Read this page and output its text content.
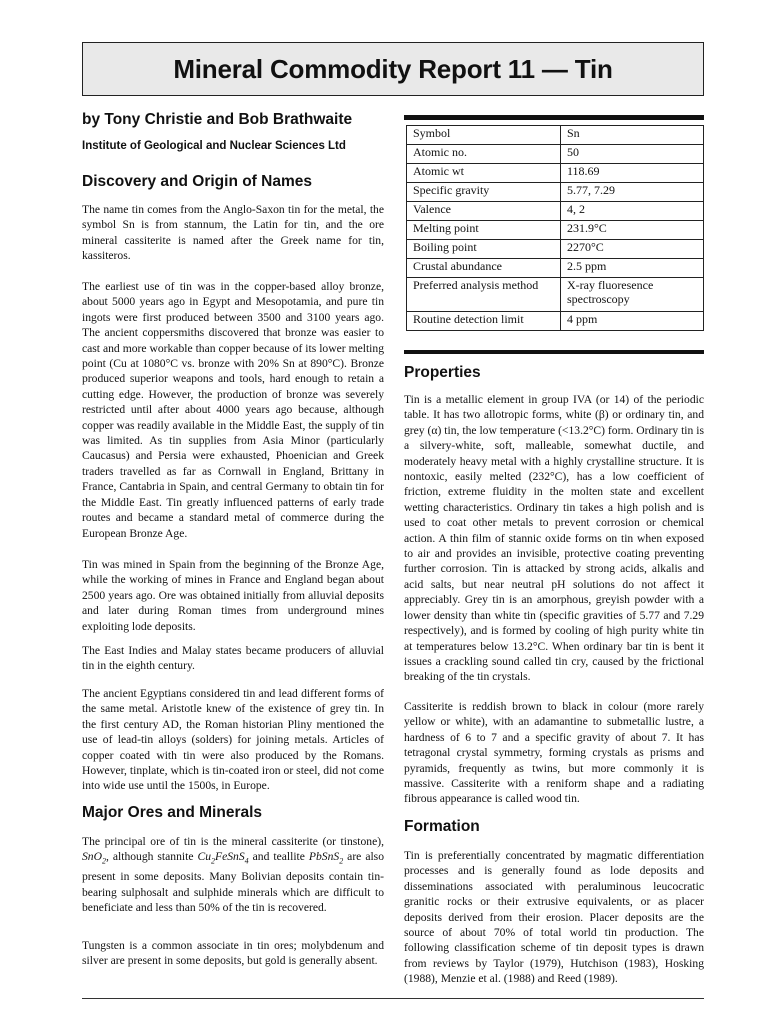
Mineral Commodity Report 11 — Tin
by Tony Christie and Bob Brathwaite
Institute of Geological and Nuclear Sciences Ltd
Discovery and Origin of Names

The name tin comes from the Anglo-Saxon tin for the metal, the symbol Sn is from stannum, the Latin for tin, and the ore mineral cassiterite is named after the Greek name for tin, kassiteros.

The earliest use of tin was in the copper-based alloy bronze, about 5000 years ago in Egypt and Mesopotamia, and pure tin ingots were first produced between 3500 and 3100 years ago. The ancient coppersmiths discovered that bronze was easier to cast and more workable than copper because of its lower melting point (Cu at 1080°C vs. bronze with 20% Sn at 890°C). Bronze produced superior weapons and tools, hard enough to retain a cutting edge. However, the production of bronze was severely restricted until after about 4000 years ago because, although copper was readily available in the Middle East, the supply of tin was limited. As tin supplies from Asia Minor (particularly Caucasus) and Persia were exhausted, Phoenician and Greek traders travelled as far as Cornwall in England, Brittany in France, Cantabria in Spain, and central Germany to obtain tin for the Middle East. Tin greatly influenced patterns of early trade routes and became a standard metal of commerce during the European Bronze Age.

Tin was mined in Spain from the beginning of the Bronze Age, while the working of mines in France and England began about 2500 years ago. Ore was obtained initially from alluvial deposits and later during Roman times from underground mines exploiting lode deposits.

The East Indies and Malay states became producers of alluvial tin in the eighth century.

The ancient Egyptians considered tin and lead different forms of the same metal. Aristotle knew of the existence of grey tin. In the first century AD, the Roman historian Pliny mentioned the use of lead-tin alloys (solders) for joining metals. Articles of copper coated with tin were also produced by the Romans. However, tinplate, which is tin-coated iron or steel, did not come into wide use until the 1500s, in Europe.

Major Ores and Minerals

The principal ore of tin is the mineral cassiterite (or tinstone), SnO$_2$, although stannite $Cu_2FeSnS_4$ and teallite PbSnS$_2$ are also present in some deposits. Many Bolivian deposits contain tin-bearing sulphosalt and sulphide minerals which are difficult to beneficiate and less than 50% of the tin is recovered.

Tungsten is a common associate in tin ores; molybdenum and silver are present in some deposits, but gold is generally absent.

Symbol	Sn
Atomic no.	50
Atomic wt	118.69
Specific gravity	5.77, 7.29
Valence	4, 2
Melting point	231.9°C
Boiling point	2270°C
Crustal abundance	2.5 ppm
Preferred analysis method	X-ray fluoresence spectroscopy
Routine detection limit	4 ppm
Properties

Tin is a metallic element in group IVA (or 14) of the periodic table. It has two allotropic forms, white (β) or ordinary tin, and grey (α) tin, the low temperature (<13.2°C) form. Ordinary tin is a silvery-white, soft, malleable, somewhat ductile, and moderately heavy metal with a highly crystalline structure. It is nontoxic, easily melted (232°C), has a low coefficient of friction, extreme fluidity in the molten state and excellent wetting characteristics. Ordinary tin takes a high polish and is used to coat other metals to prevent corrosion or chemical action. A thin film of stannic oxide forms on tin when exposed to air and provides an invisible, protective coating preventing further corrosion. Tin is attacked by strong acids, alkalis and acid salts, but near neutral pH solutions do not affect it appreciably. Grey tin is an amorphous, greyish powder with a lower density than white tin (specific gravities of 5.77 and 7.29 respectively), and is formed by cooling of high purity white tin at temperatures below 13.2°C. When ordinary bar tin is bent it issues a crackling sound called tin cry, caused by the frictional breaking of the tin crystals.

Cassiterite is reddish brown to black in colour (more rarely yellow or white), with an adamantine to submetallic lustre, a hardness of 6 to 7 and a specific gravity of about 7. It has tetragonal crystal symmetry, forming crystals as prisms and pyramids, frequently as twins, but more commonly it is massive. Cassiterite with a reniform shape and a radiating fibrous appearance is called wood tin.

Formation

Tin is preferentially concentrated by magmatic differentiation processes and is generally found as lode deposits and disseminations associated with peraluminous leucocratic granitic rocks or their extrusive equivalents, or as placer deposits derived from their erosion. Placer deposits are the source of about 70% of total world tin production. The following classification scheme of tin deposit types is drawn from reviews by Taylor (1979), Hutchison (1983), Hosking (1988), Menzie et al. (1988) and Reed (1989).
